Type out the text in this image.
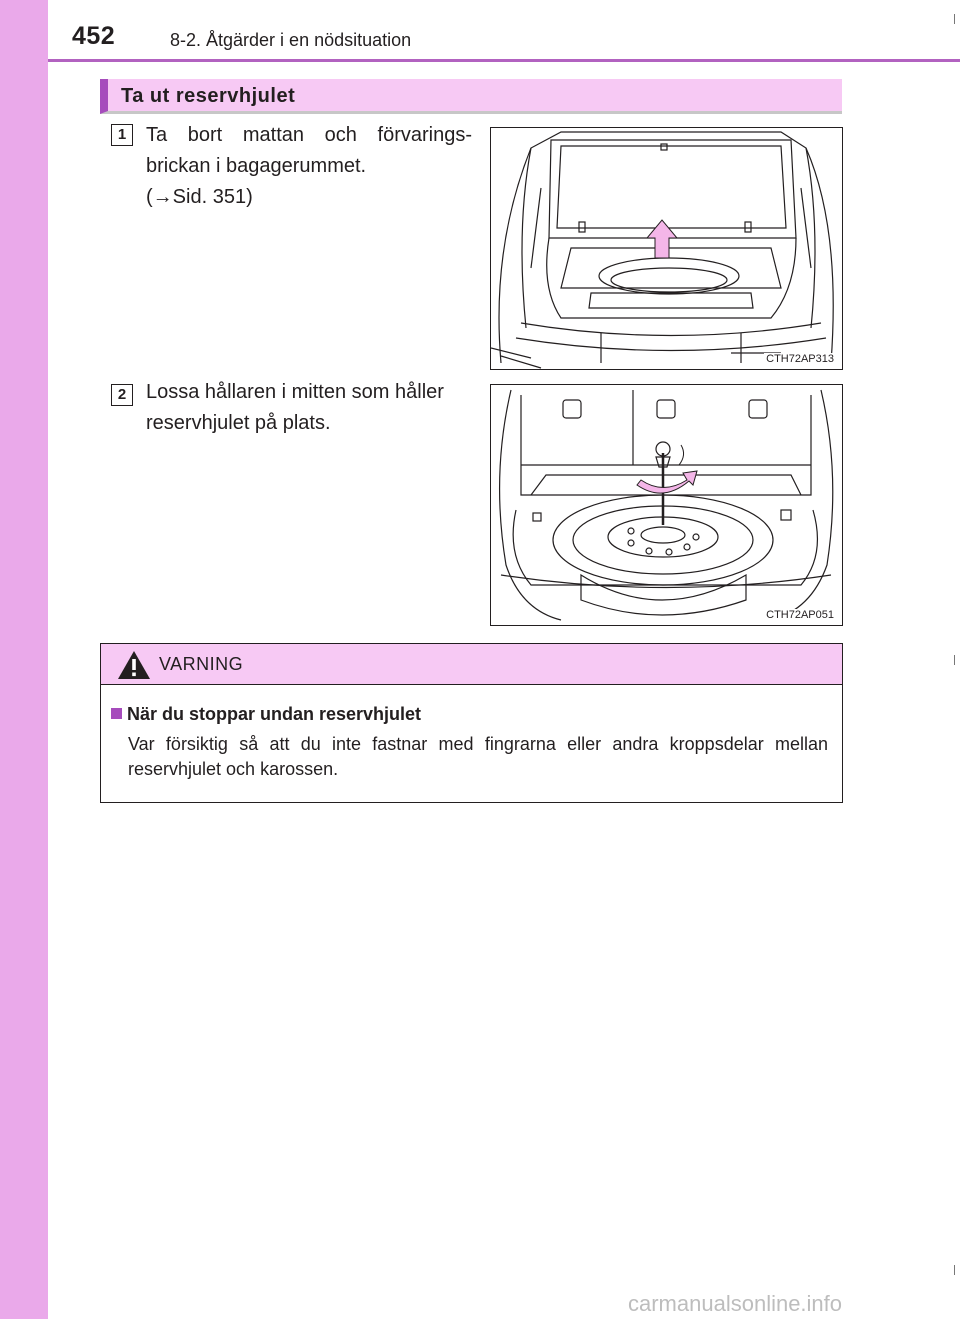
452	8-2. Åtgärder i en nödsituation
Ta ut reservhjulet
1 Ta bort mattan och förvarings-brickan i bagagerummet.
(→Sid. 351)
CTH72AP313
2 Lossa hållaren i mitten som håller reservhjulet på plats.
CTH72AP051
VARNING
När du stoppar undan reservhjulet
Var försiktig så att du inte fastnar med fingrarna eller andra kroppsdelar mellan reservhjulet och karossen.
carmanualsonline.info
